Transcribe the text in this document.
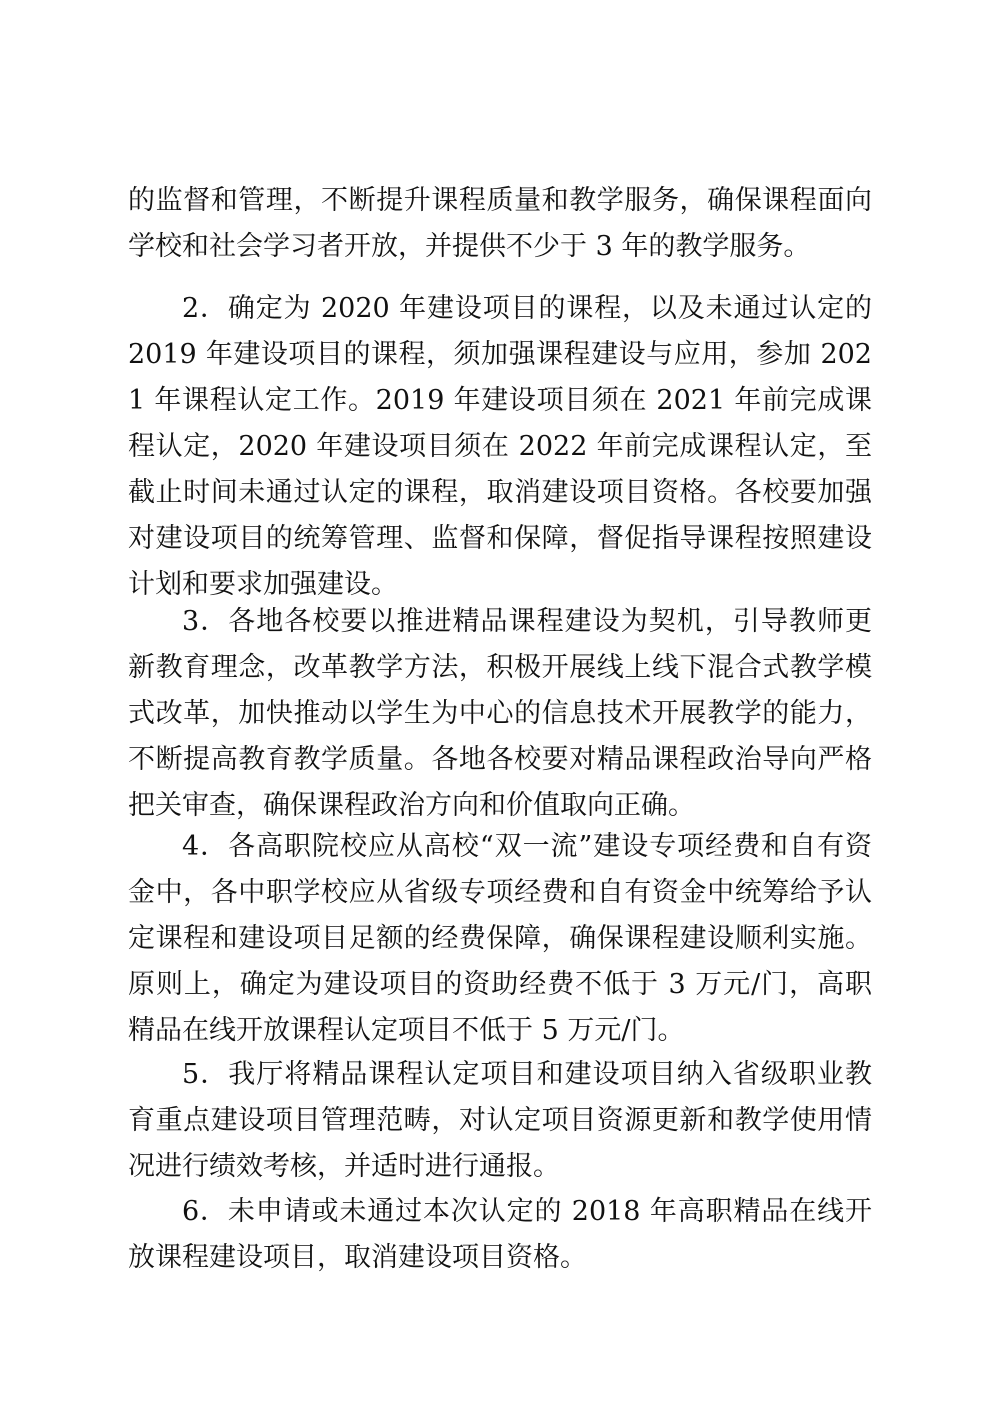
的监督和管理，不断提升课程质量和教学服务，确保课程面向学校和社会学习者开放，并提供不少于 3 年的教学服务。

2．确定为 2020 年建设项目的课程，以及未通过认定的 2019 年建设项目的课程，须加强课程建设与应用，参加 2021 年课程认定工作。2019 年建设项目须在 2021 年前完成课程认定，2020 年建设项目须在 2022 年前完成课程认定，至截止时间未通过认定的课程，取消建设项目资格。各校要加强对建设项目的统筹管理、监督和保障，督促指导课程按照建设计划和要求加强建设。

3．各地各校要以推进精品课程建设为契机，引导教师更新教育理念，改革教学方法，积极开展线上线下混合式教学模式改革，加快推动以学生为中心的信息技术开展教学的能力，不断提高教育教学质量。各地各校要对精品课程政治导向严格把关审查，确保课程政治方向和价值取向正确。

4．各高职院校应从高校“双一流”建设专项经费和自有资金中，各中职学校应从省级专项经费和自有资金中统筹给予认定课程和建设项目足额的经费保障，确保课程建设顺利实施。原则上，确定为建设项目的资助经费不低于 3 万元/门，高职精品在线开放课程认定项目不低于 5 万元/门。

5．我厅将精品课程认定项目和建设项目纳入省级职业教育重点建设项目管理范畴，对认定项目资源更新和教学使用情况进行绩效考核，并适时进行通报。

6．未申请或未通过本次认定的 2018 年高职精品在线开放课程建设项目，取消建设项目资格。
